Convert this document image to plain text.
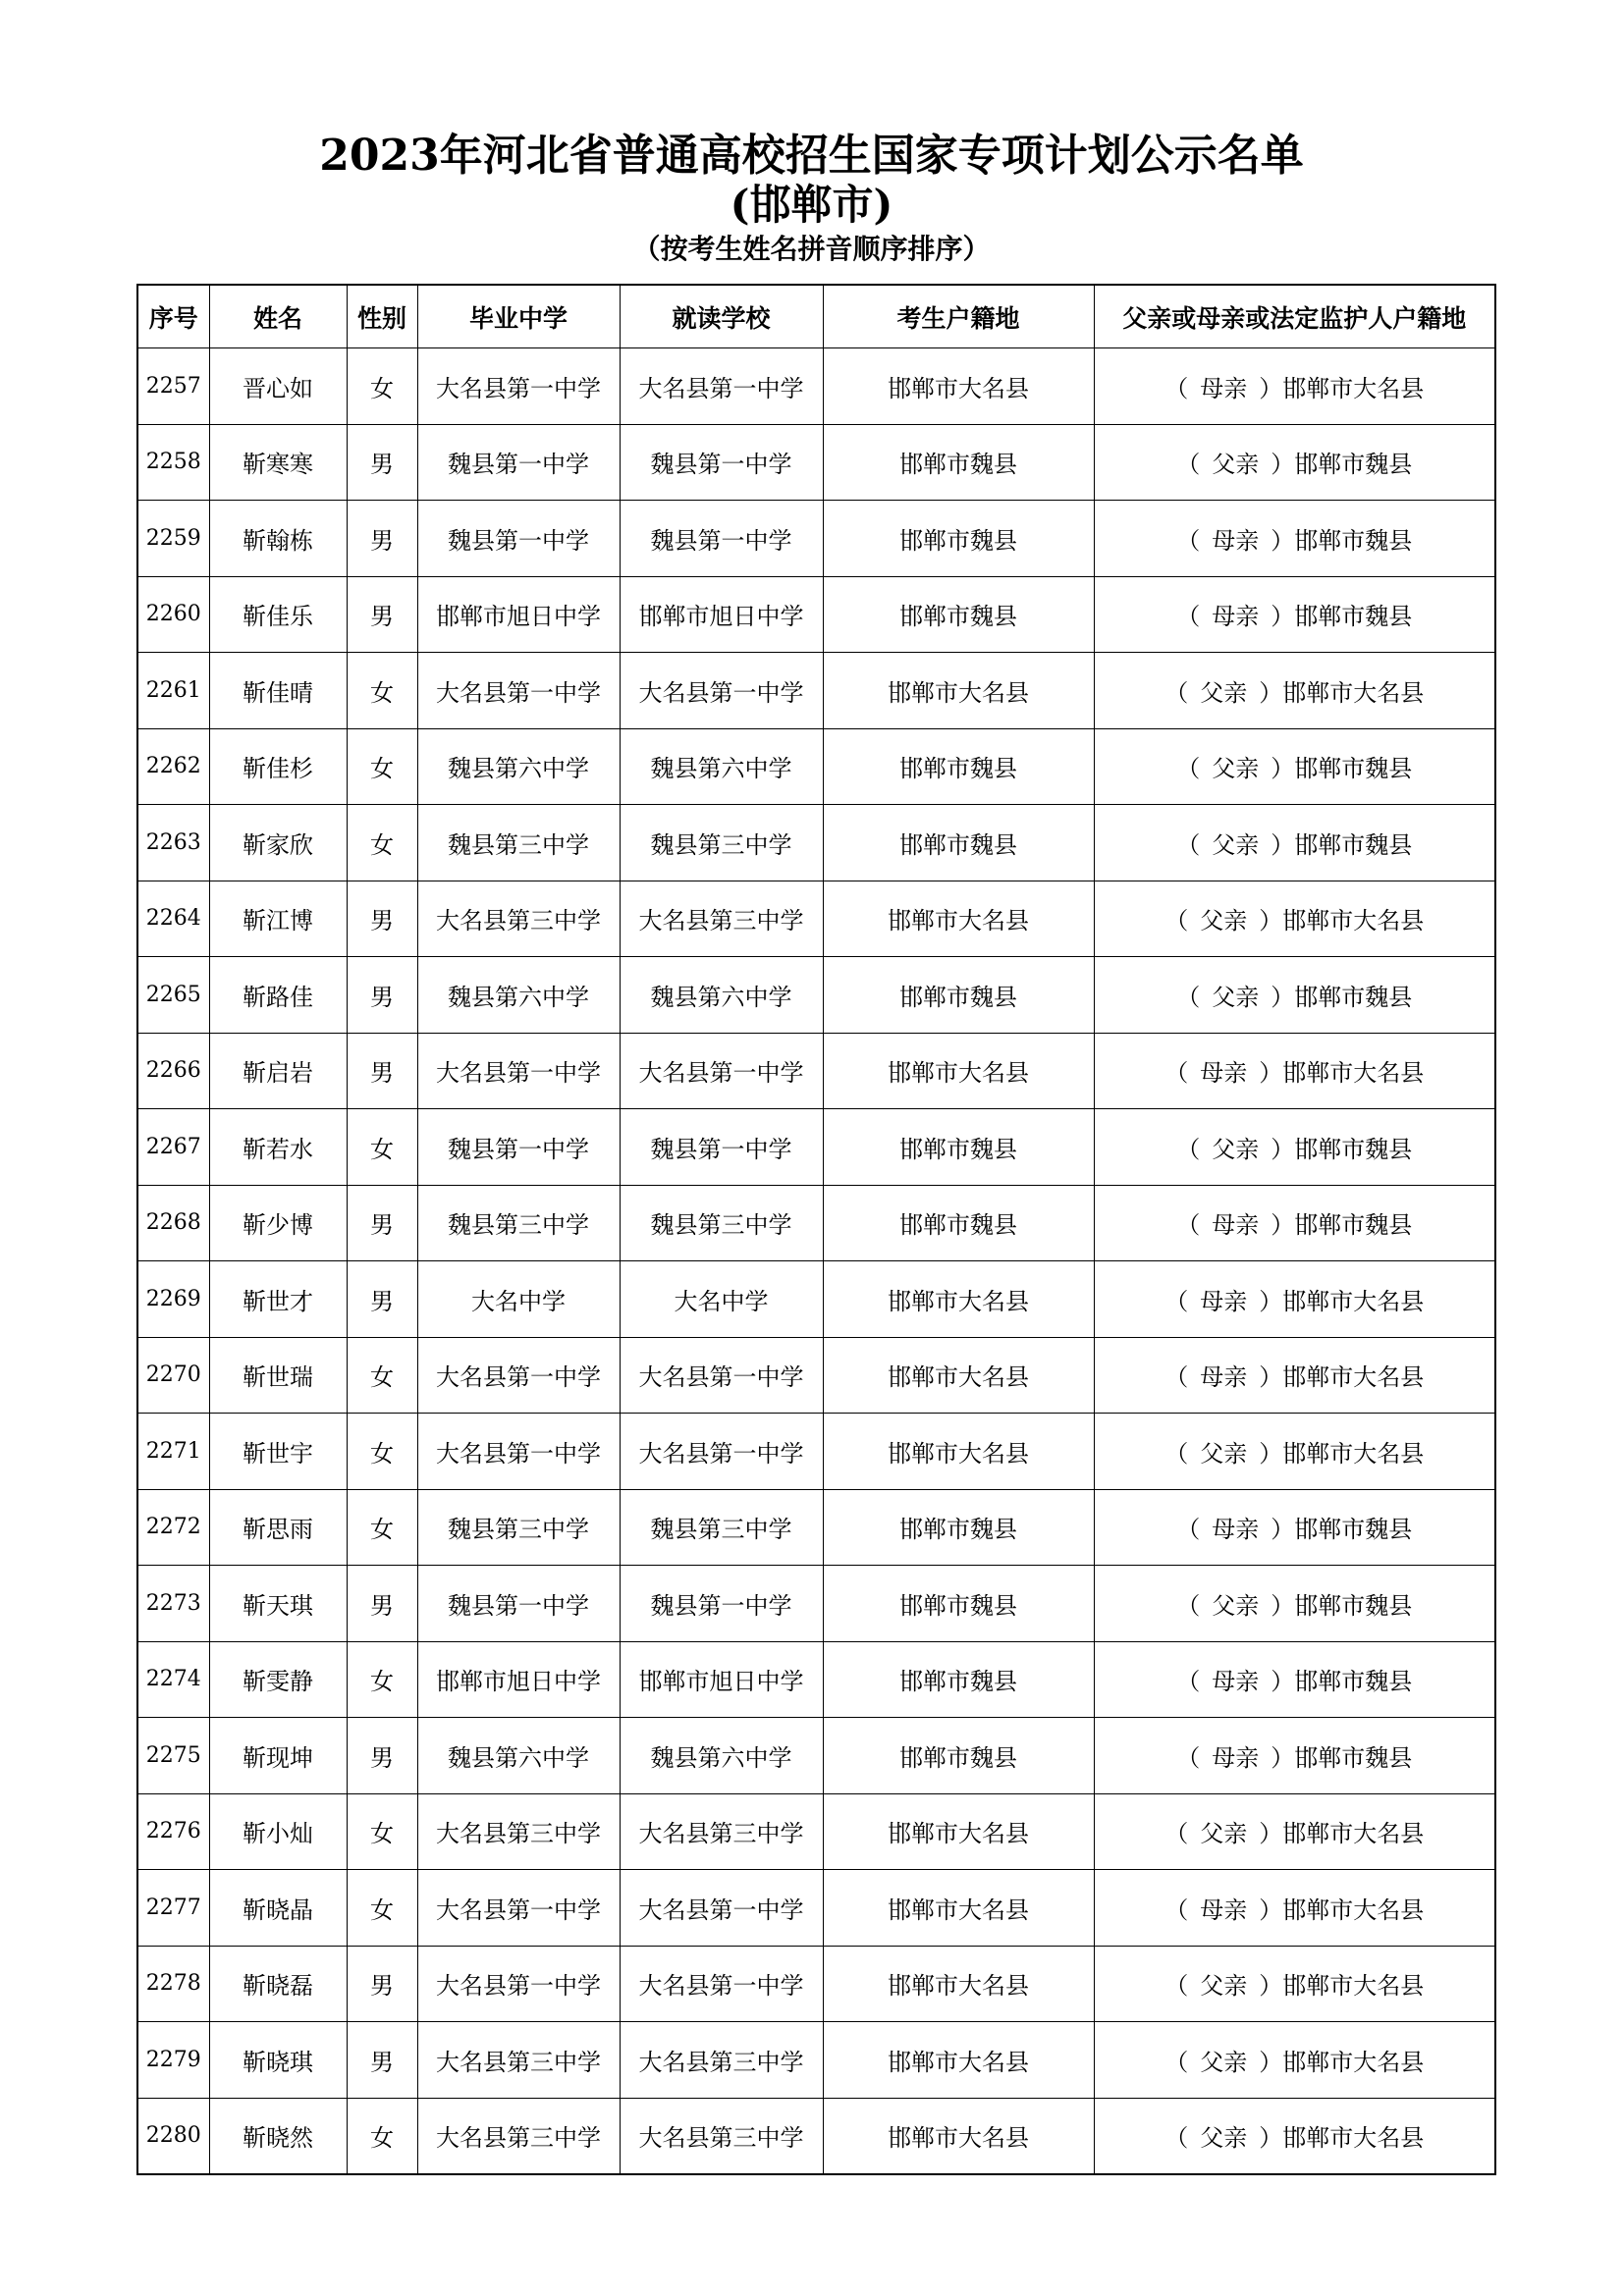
2023年河北省普通高校招生国家专项计划公示名单
(邯郸市)
（按考生姓名拼音顺序排序）
序号	姓名	性别	毕业中学	就读学校	考生户籍地	父亲或母亲或法定监护人户籍地
2257	晋心如	女	大名县第一中学	大名县第一中学	邯郸市大名县	（ 母亲 ）邯郸市大名县
2258	靳寒寒	男	魏县第一中学	魏县第一中学	邯郸市魏县	（ 父亲 ）邯郸市魏县
2259	靳翰栋	男	魏县第一中学	魏县第一中学	邯郸市魏县	（ 母亲 ）邯郸市魏县
2260	靳佳乐	男	邯郸市旭日中学	邯郸市旭日中学	邯郸市魏县	（ 母亲 ）邯郸市魏县
2261	靳佳晴	女	大名县第一中学	大名县第一中学	邯郸市大名县	（ 父亲 ）邯郸市大名县
2262	靳佳杉	女	魏县第六中学	魏县第六中学	邯郸市魏县	（ 父亲 ）邯郸市魏县
2263	靳家欣	女	魏县第三中学	魏县第三中学	邯郸市魏县	（ 父亲 ）邯郸市魏县
2264	靳江博	男	大名县第三中学	大名县第三中学	邯郸市大名县	（ 父亲 ）邯郸市大名县
2265	靳路佳	男	魏县第六中学	魏县第六中学	邯郸市魏县	（ 父亲 ）邯郸市魏县
2266	靳启岩	男	大名县第一中学	大名县第一中学	邯郸市大名县	（ 母亲 ）邯郸市大名县
2267	靳若水	女	魏县第一中学	魏县第一中学	邯郸市魏县	（ 父亲 ）邯郸市魏县
2268	靳少博	男	魏县第三中学	魏县第三中学	邯郸市魏县	（ 母亲 ）邯郸市魏县
2269	靳世才	男	大名中学	大名中学	邯郸市大名县	（ 母亲 ）邯郸市大名县
2270	靳世瑞	女	大名县第一中学	大名县第一中学	邯郸市大名县	（ 母亲 ）邯郸市大名县
2271	靳世宇	女	大名县第一中学	大名县第一中学	邯郸市大名县	（ 父亲 ）邯郸市大名县
2272	靳思雨	女	魏县第三中学	魏县第三中学	邯郸市魏县	（ 母亲 ）邯郸市魏县
2273	靳天琪	男	魏县第一中学	魏县第一中学	邯郸市魏县	（ 父亲 ）邯郸市魏县
2274	靳雯静	女	邯郸市旭日中学	邯郸市旭日中学	邯郸市魏县	（ 母亲 ）邯郸市魏县
2275	靳现坤	男	魏县第六中学	魏县第六中学	邯郸市魏县	（ 母亲 ）邯郸市魏县
2276	靳小灿	女	大名县第三中学	大名县第三中学	邯郸市大名县	（ 父亲 ）邯郸市大名县
2277	靳晓晶	女	大名县第一中学	大名县第一中学	邯郸市大名县	（ 母亲 ）邯郸市大名县
2278	靳晓磊	男	大名县第一中学	大名县第一中学	邯郸市大名县	（ 父亲 ）邯郸市大名县
2279	靳晓琪	男	大名县第三中学	大名县第三中学	邯郸市大名县	（ 父亲 ）邯郸市大名县
2280	靳晓然	女	大名县第三中学	大名县第三中学	邯郸市大名县	（ 父亲 ）邯郸市大名县
